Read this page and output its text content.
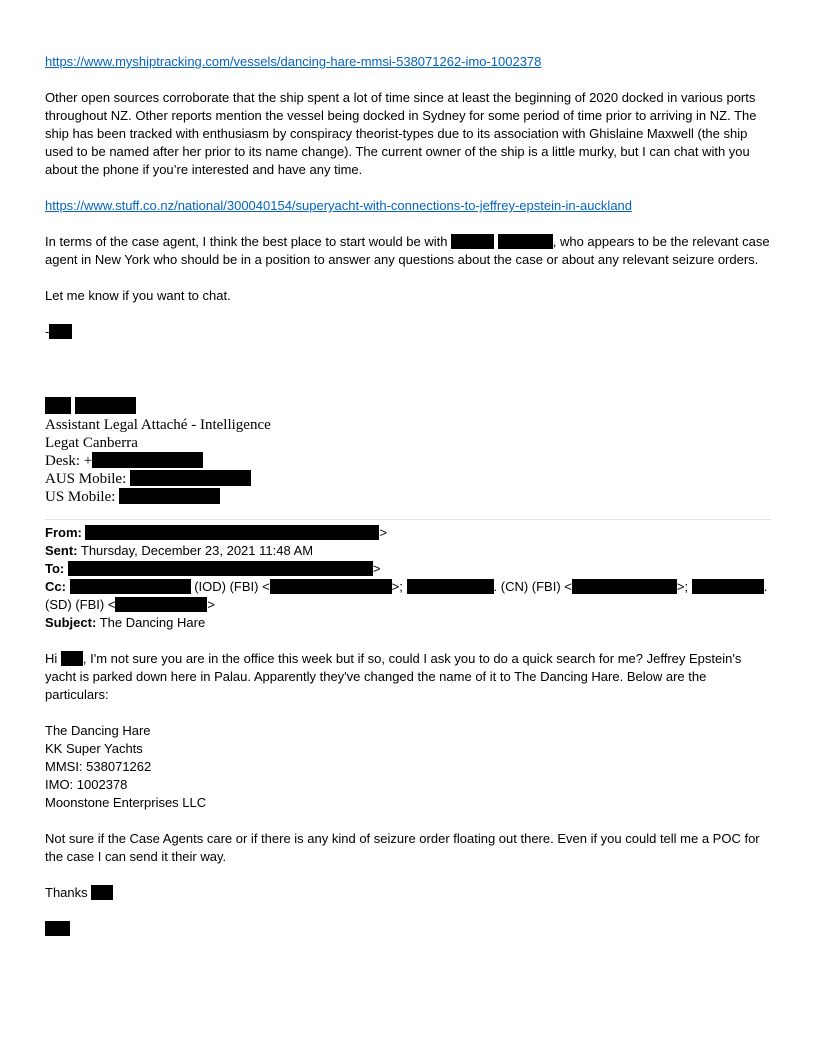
https://www.myshiptracking.com/vessels/dancing-hare-mmsi-538071262-imo-1002378

Other open sources corroborate that the ship spent a lot of time since at least the beginning of 2020 docked in various ports throughout NZ. Other reports mention the vessel being docked in Sydney for some period of time prior to arriving in NZ. The ship has been tracked with enthusiasm by conspiracy theorist-types due to its association with Ghislaine Maxwell (the ship used to be named after her prior to its name change). The current owner of the ship is a little murky, but I can chat with you about the phone if you’re interested and have any time.

https://www.stuff.co.nz/national/300040154/superyacht-with-connections-to-jeffrey-epstein-in-auckland

In terms of the case agent, I think the best place to start would be with	, who appears to be the relevant case agent in New York who should be in a position to answer any questions about the case or about any relevant seizure orders.

Let me know if you want to chat.

-

Assistant Legal Attaché - Intelligence
Legat Canberra
Desk: +
AUS Mobile:
US Mobile:
From:	>
Sent: Thursday, December 23, 2021 11:48 AM
To:	>
Cc:	(IOD) (FBI) <	>;	. (CN) (FBI) <	>;	.
(SD) (FBI) <	>
Subject: The Dancing Hare

Hi , I'm not sure you are in the office this week but if so, could I ask you to do a quick search for me? Jeffrey Epstein's yacht is parked down here in Palau. Apparently they've changed the name of it to The Dancing Hare. Below are the particulars:

The Dancing Hare
KK Super Yachts
MMSI: 538071262
IMO: 1002378
Moonstone Enterprises LLC

Not sure if the Case Agents care or if there is any kind of seizure order floating out there. Even if you could tell me a POC for the case I can send it their way.

Thanks
